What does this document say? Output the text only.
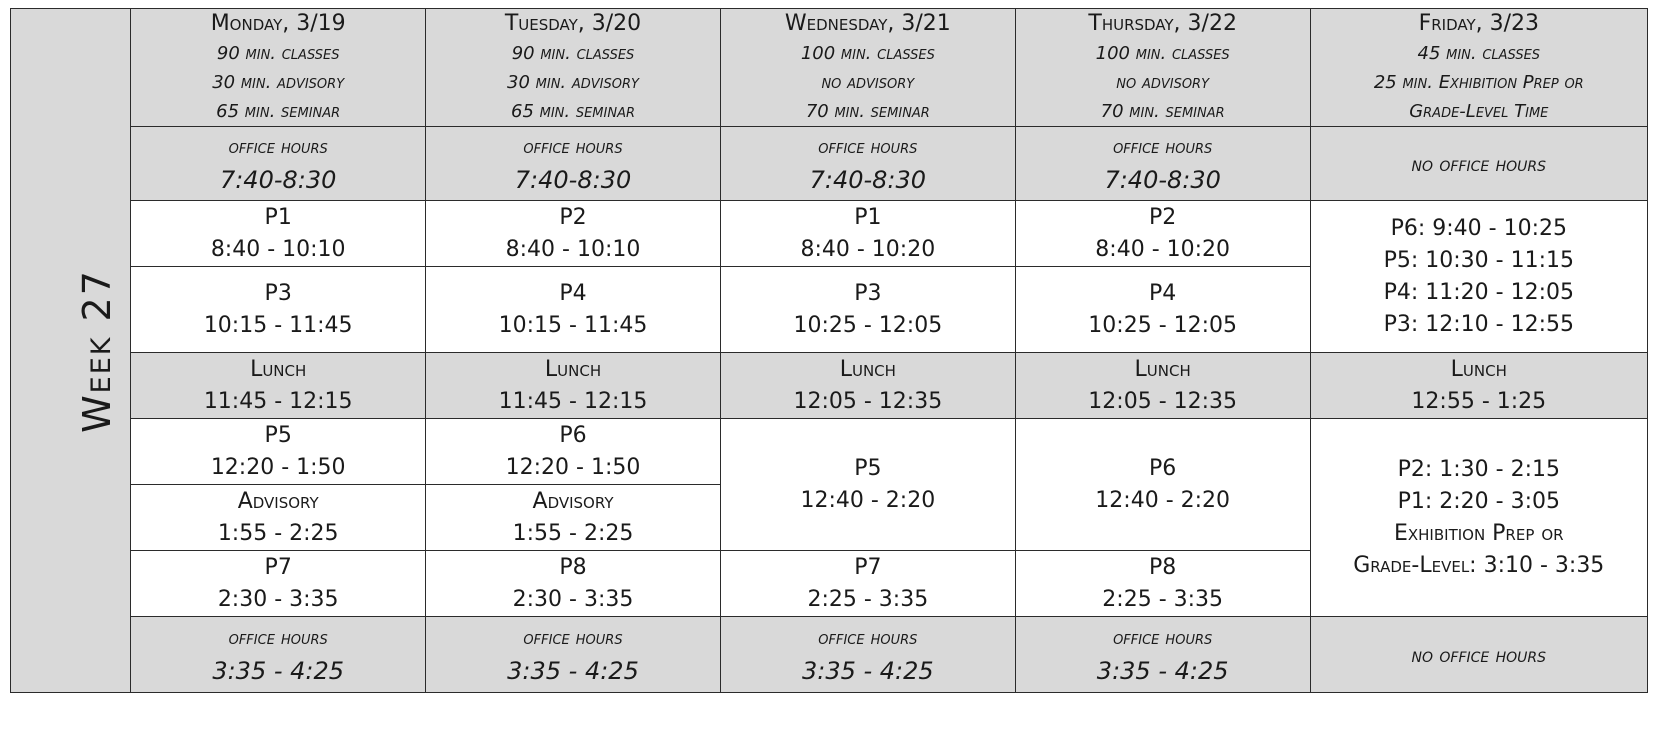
Week 27	Monday, 3/19
90 min. classes
30 min. advisory
65 min. seminar	Tuesday, 3/20
90 min. classes
30 min. advisory
65 min. seminar	Wednesday, 3/21
100 min. classes
no advisory
70 min. seminar	Thursday, 3/22
100 min. classes
no advisory
70 min. seminar	Friday, 3/23
45 min. classes
25 min. Exhibition Prep or
Grade-Level Time

	office hours
7:40-8:30	office hours
7:40-8:30	office hours
7:40-8:30	office hours
7:40-8:30	no office hours

	P1
8:40 - 10:10	P2
8:40 - 10:10	P1
8:40 - 10:20	P2
8:40 - 10:20	P6: 9:40 - 10:25
P5: 10:30 - 11:15
P4: 11:20 - 12:05
P3: 12:10 - 12:55

	P3
10:15 - 11:45	P4
10:15 - 11:45	P3
10:25 - 12:05	P4
10:25 - 12:05	

	Lunch
11:45 - 12:15	Lunch
11:45 - 12:15	Lunch
12:05 - 12:35	Lunch
12:05 - 12:35	Lunch
12:55 - 1:25

	P5
12:20 - 1:50	P6
12:20 - 1:50	P5
12:40 - 2:20	P6
12:40 - 2:20	P2: 1:30 - 2:15
P1: 2:20 - 3:05
Exhibition Prep or
Grade-Level: 3:10 - 3:35

	Advisory
1:55 - 2:25	Advisory
1:55 - 2:25			

	P7
2:30 - 3:35	P8
2:30 - 3:35	P7
2:25 - 3:35	P8
2:25 - 3:35	

	office hours
3:35 - 4:25	office hours
3:35 - 4:25	office hours
3:35 - 4:25	office hours
3:35 - 4:25	no office hours
